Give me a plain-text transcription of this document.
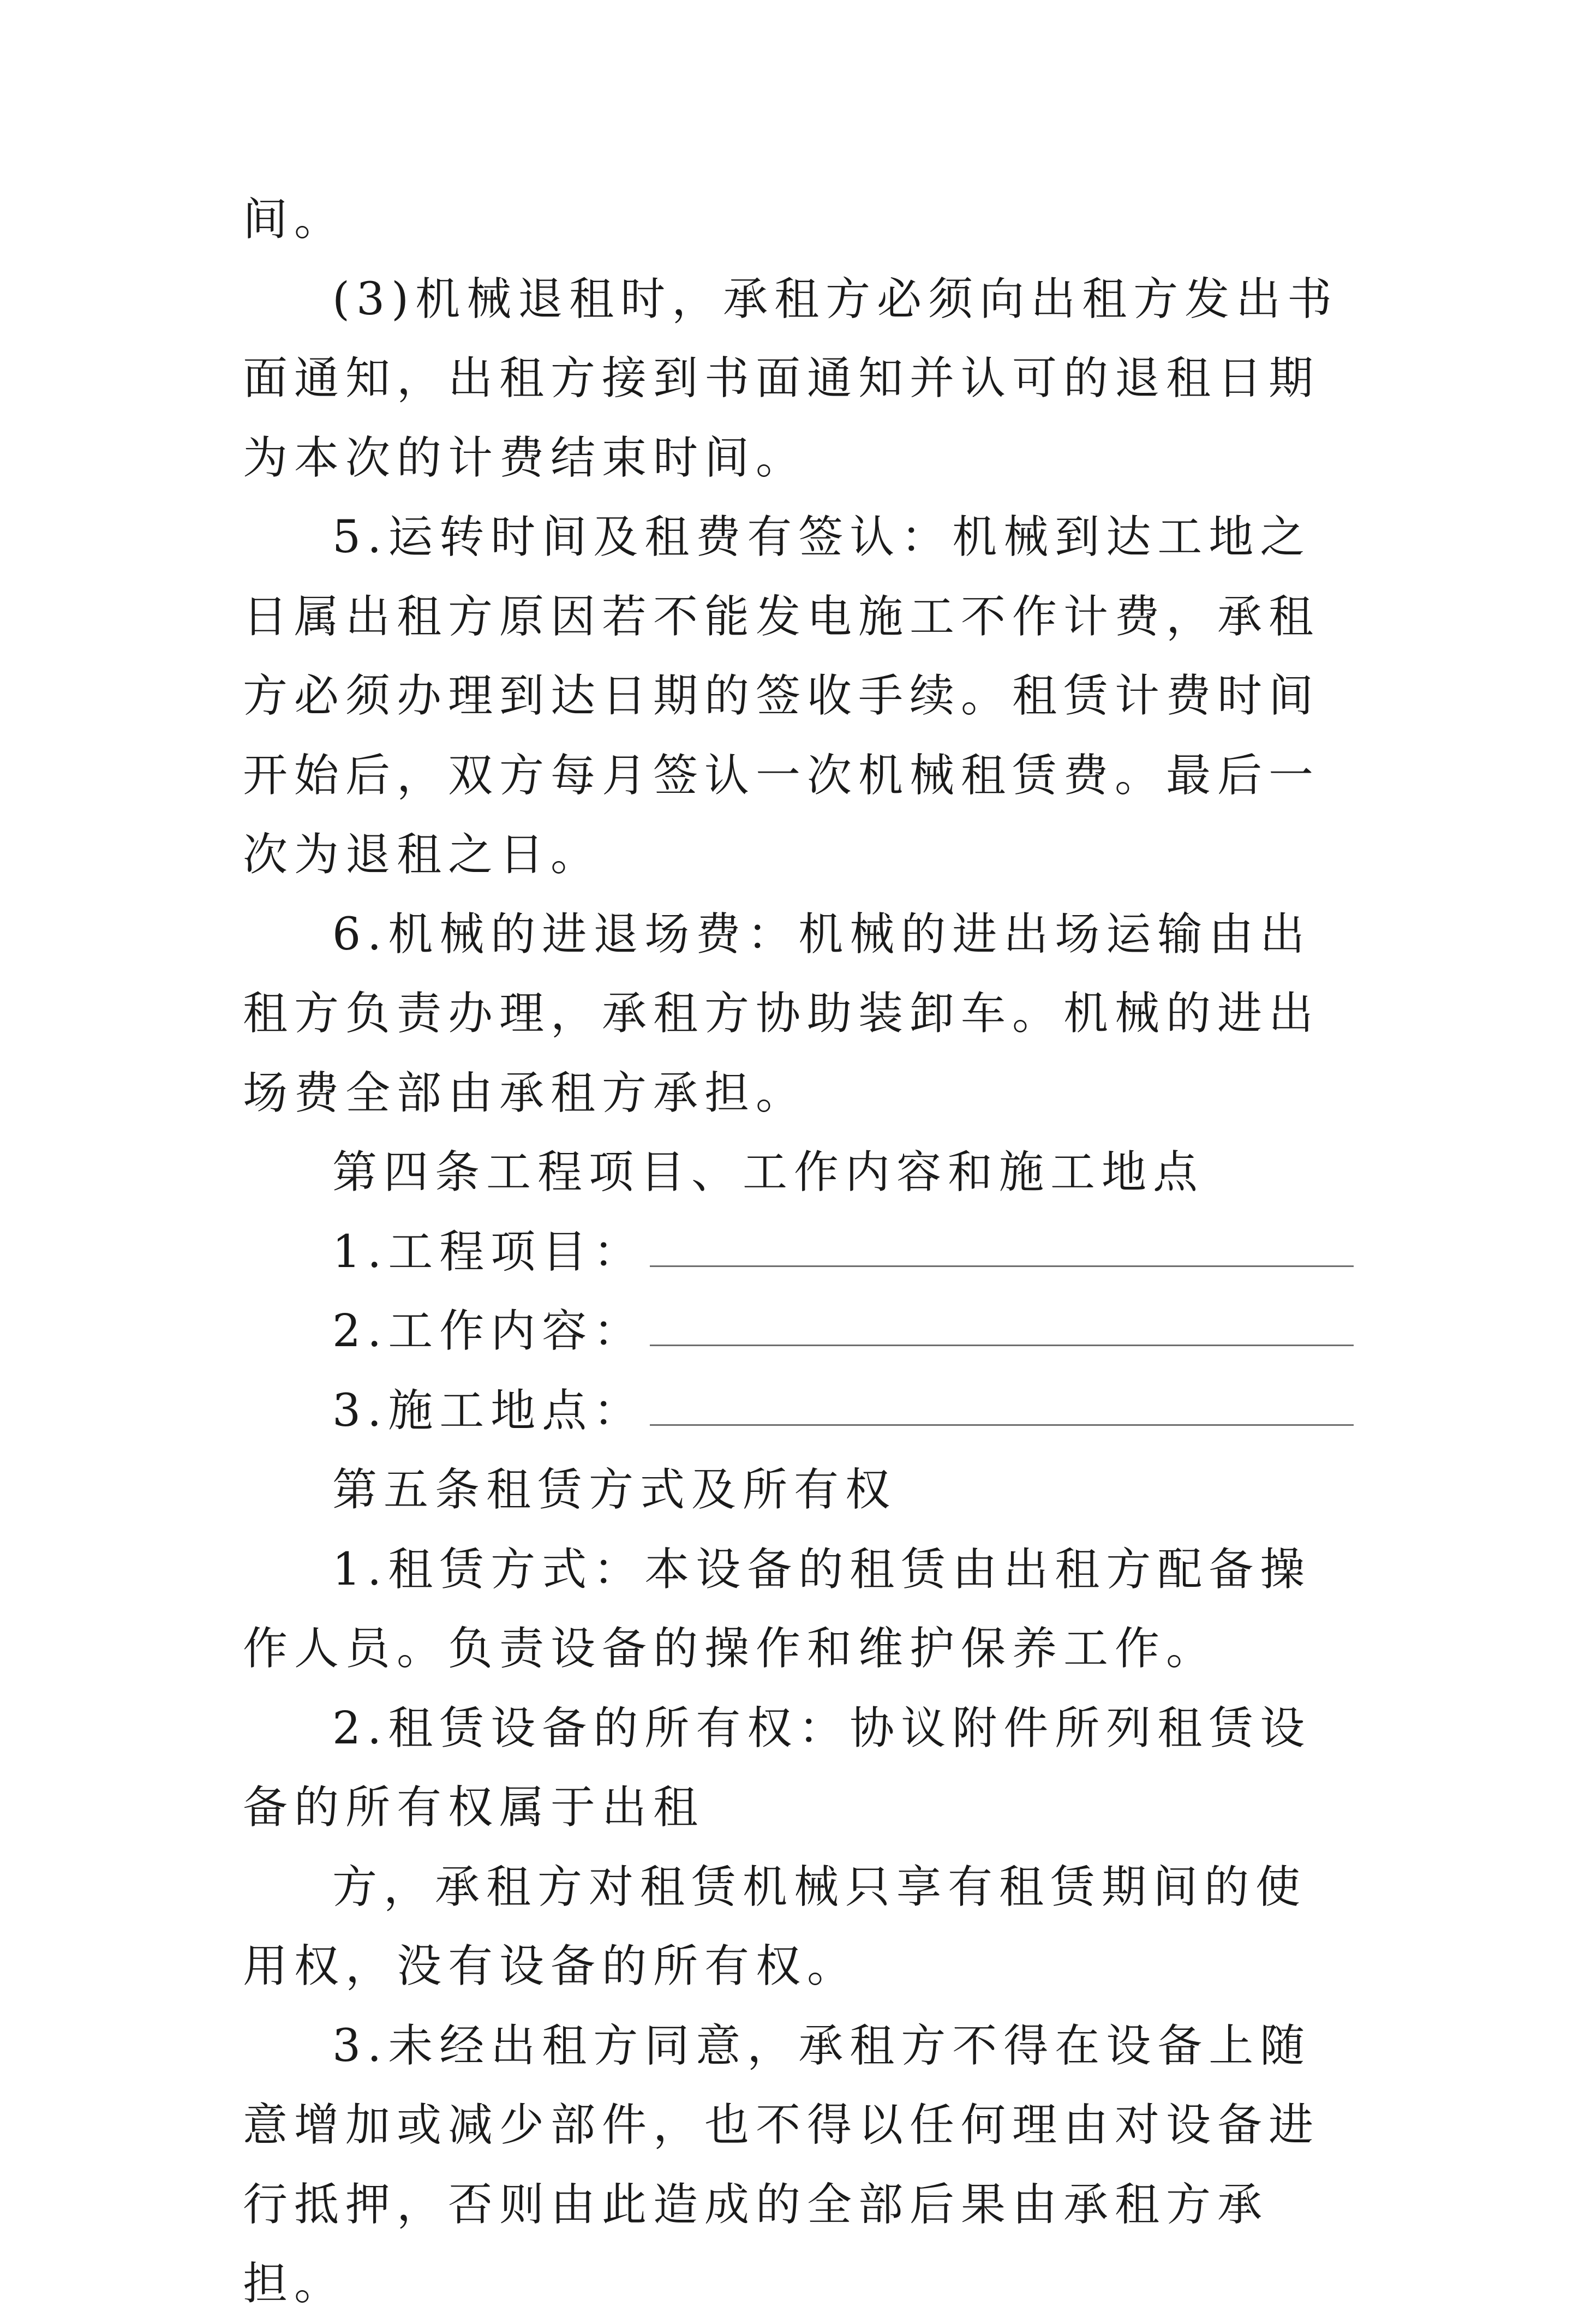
间。

(3)机械退租时，承租方必须向出租方发出书面通知，出租方接到书面通知并认可的退租日期为本次的计费结束时间。

5.运转时间及租费有签认：机械到达工地之日属出租方原因若不能发电施工不作计费，承租方必须办理到达日期的签收手续。租赁计费时间开始后，双方每月签认一次机械租赁费。最后一次为退租之日。

6.机械的进退场费：机械的进出场运输由出租方负责办理，承租方协助装卸车。机械的进出场费全部由承租方承担。

第四条工程项目、工作内容和施工地点

1.工程项目：

2.工作内容：

3.施工地点：

第五条租赁方式及所有权

1.租赁方式：本设备的租赁由出租方配备操作人员。负责设备的操作和维护保养工作。

2.租赁设备的所有权：协议附件所列租赁设备的所有权属于出租

方，承租方对租赁机械只享有租赁期间的使用权，没有设备的所有权。

3.未经出租方同意，承租方不得在设备上随意增加或减少部件，也不得以任何理由对设备进行抵押，否则由此造成的全部后果由承租方承担。
